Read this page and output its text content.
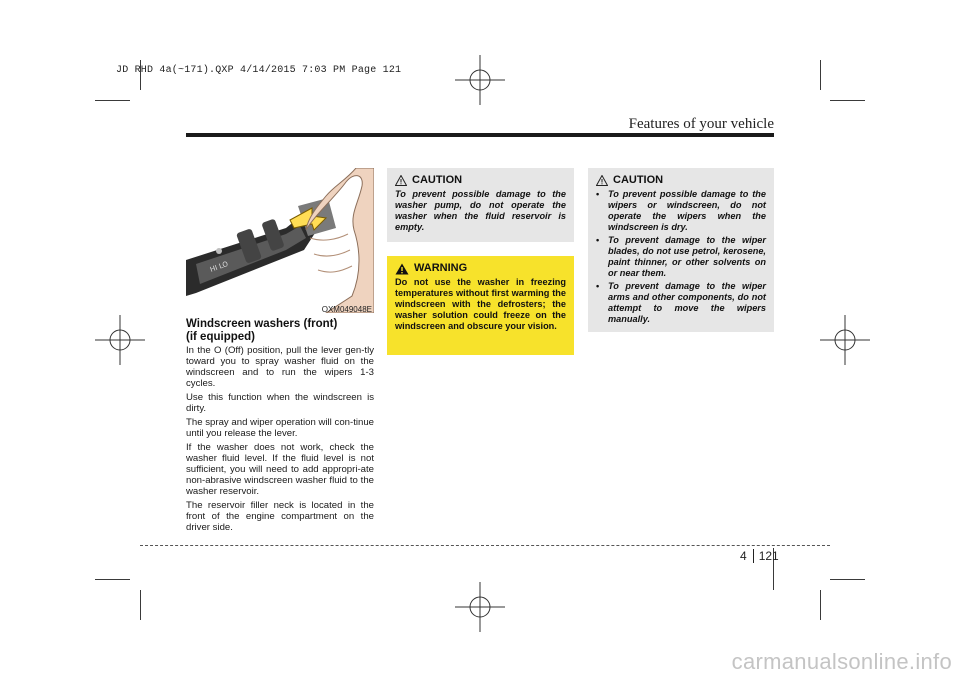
JD RHD 4a(~171).QXP 4/14/2015 7:03 PM Page 121
Features of your vehicle
HI LO
OXM049048E
Windscreen washers (front)
(if equipped)

In the O (Off) position, pull the lever gen-tly toward you to spray washer fluid on the windscreen and to run the wipers 1-3 cycles.

Use this function when the windscreen is dirty.

The spray and wiper operation will con-tinue until you release the lever.

If the washer does not work, check the washer fluid level. If the fluid level is not sufficient, you will need to add appropri-ate non-abrasive windscreen washer fluid to the washer reservoir.

The reservoir filler neck is located in the front of the engine compartment on the driver side.

CAUTION
To prevent possible damage to the washer pump, do not operate the washer when the fluid reservoir is empty.
WARNING
Do not use the washer in freezing temperatures without first warming the windscreen with the defrosters; the washer solution could freeze on the windscreen and obscure your vision.
CAUTION
• To prevent possible damage to the wipers or windscreen, do not operate the wipers when the windscreen is dry.
• To prevent damage to the wiper blades, do not use petrol, kerosene, paint thinner, or other solvents on or near them.
• To prevent damage to the wiper arms and other components, do not attempt to move the wipers manually.
4 121
carmanualsonline.info
